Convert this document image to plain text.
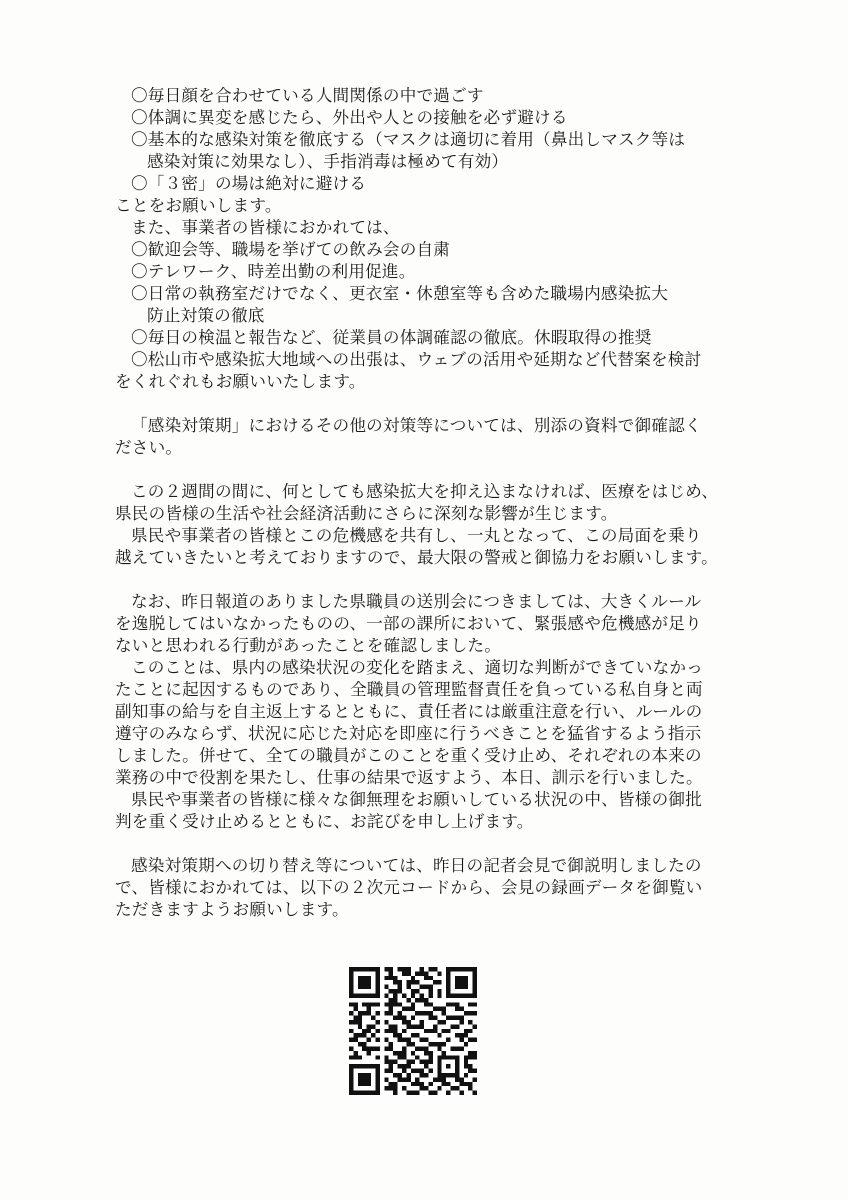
〇毎日顔を合わせている人間関係の中で過ごす
〇体調に異変を感じたら、外出や人との接触を必ず避ける
〇基本的な感染対策を徹底する（マスクは適切に着用（鼻出しマスク等は
感染対策に効果なし）、手指消毒は極めて有効）
〇「３密」の場は絶対に避ける
ことをお願いします。
また、事業者の皆様におかれては、
〇歓迎会等、職場を挙げての飲み会の自粛
〇テレワーク、時差出勤の利用促進。
〇日常の執務室だけでなく、更衣室・休憩室等も含めた職場内感染拡大
防止対策の徹底
〇毎日の検温と報告など、従業員の体調確認の徹底。休暇取得の推奨
〇松山市や感染拡大地域への出張は、ウェブの活用や延期など代替案を検討
をくれぐれもお願いいたします。
「感染対策期」におけるその他の対策等については、別添の資料で御確認く
ださい。
この２週間の間に、何としても感染拡大を抑え込まなければ、医療をはじめ、
県民の皆様の生活や社会経済活動にさらに深刻な影響が生じます。
県民や事業者の皆様とこの危機感を共有し、一丸となって、この局面を乗り
越えていきたいと考えておりますので、最大限の警戒と御協力をお願いします。
なお、昨日報道のありました県職員の送別会につきましては、大きくルール
を逸脱してはいなかったものの、一部の課所において、緊張感や危機感が足り
ないと思われる行動があったことを確認しました。
このことは、県内の感染状況の変化を踏まえ、適切な判断ができていなかっ
たことに起因するものであり、全職員の管理監督責任を負っている私自身と両
副知事の給与を自主返上するとともに、責任者には厳重注意を行い、ルールの
遵守のみならず、状況に応じた対応を即座に行うべきことを猛省するよう指示
しました。併せて、全ての職員がこのことを重く受け止め、それぞれの本来の
業務の中で役割を果たし、仕事の結果で返すよう、本日、訓示を行いました。
県民や事業者の皆様に様々な御無理をお願いしている状況の中、皆様の御批
判を重く受け止めるとともに、お詫びを申し上げます。
感染対策期への切り替え等については、昨日の記者会見で御説明しましたの
で、皆様におかれては、以下の２次元コードから、会見の録画データを御覧い
ただきますようお願いします。
